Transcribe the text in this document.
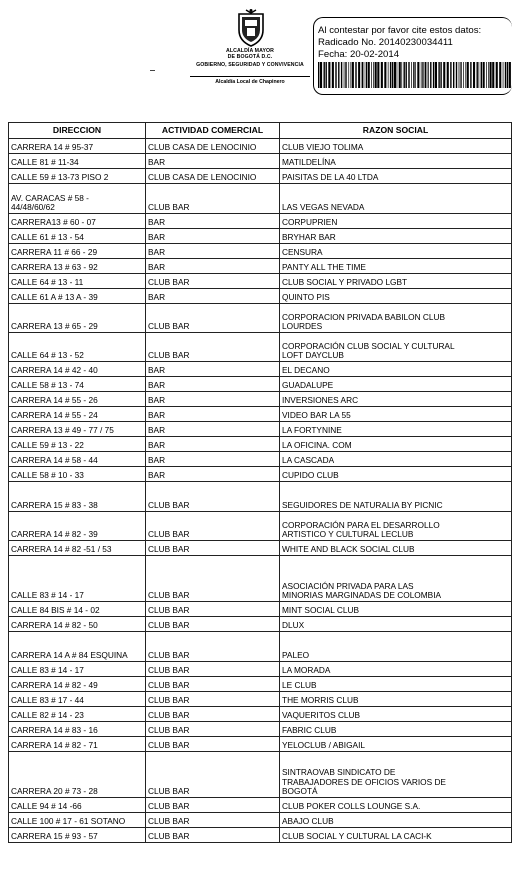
ALCALDÍA MAYOR
DE BOGOTÁ D.C.
GOBIERNO, SEGURIDAD Y CONVIVENCIA
Alcaldía Local de Chapinero
Al contestar por favor cite estos datos:
Radicado No. 20140230034411
Fecha: 20-02-2014
DIRECCION	ACTIVIDAD COMERCIAL	RAZON SOCIAL

CARRERA 14 # 95-37	CLUB CASA DE LENOCINIO	CLUB VIEJO TOLIMA

CALLE 81 # 11-34	BAR	MATILDELÍNA

CALLE 59 # 13-73 PISO 2	CLUB CASA DE LENOCINIO	PAISITAS DE LA 40 LTDA

AV. CARACAS # 58 -
44/48/60/62	CLUB BAR	LAS VEGAS NEVADA

CARRERA13 # 60 - 07	BAR	CORPUPRIEN

CALLE 61 # 13 - 54	BAR	BRYHAR BAR

CARRERA 11 # 66 - 29	BAR	CENSURA

CARRERA 13 # 63 - 92	BAR	PANTY ALL THE TIME

CALLE 64 # 13 - 11	CLUB BAR	CLUB SOCIAL Y PRIVADO LGBT

CALLE 61 A # 13 A - 39	BAR	QUINTO PIS

CARRERA 13 # 65 - 29	CLUB BAR	CORPORACION PRIVADA BABILON CLUB
LOURDES

CALLE 64 # 13 - 52	CLUB BAR	CORPORACIÓN CLUB SOCIAL Y CULTURAL
LOFT DAYCLUB

CARRERA 14 # 42 - 40	BAR	EL DECANO

CALLE 58 # 13 - 74	BAR	GUADALUPE

CARRERA 14 # 55 - 26	BAR	INVERSIONES ARC

CARRERA 14 # 55 - 24	BAR	VIDEO BAR LA 55

CARRERA 13 # 49 - 77 / 75	BAR	LA FORTYNINE

CALLE 59 # 13 - 22	BAR	LA OFICINA. COM

CARRERA 14 # 58 - 44	BAR	LA CASCADA

CALLE 58 # 10 - 33	BAR	CUPIDO CLUB

CARRERA 15 # 83 - 38	CLUB BAR	SEGUIDORES DE NATURALIA BY PICNIC

CARRERA 14 # 82 - 39	CLUB BAR	CORPORACIÓN PARA EL DESARROLLO
ARTISTICO Y CULTURAL LECLUB

CARRERA 14 # 82 -51 / 53	CLUB BAR	WHITE AND BLACK SOCIAL CLUB

CALLE 83 # 14 - 17	CLUB BAR	ASOCIACIÓN PRIVADA PARA LAS
MINORIAS MARGINADAS DE COLOMBIA

CALLE 84 BIS # 14 - 02	CLUB BAR	MINT SOCIAL CLUB

CARRERA 14 # 82 - 50	CLUB BAR	DLUX

CARRERA 14 A # 84 ESQUINA	CLUB BAR	PALEO

CALLE 83 # 14 - 17	CLUB BAR	LA MORADA

CARRERA 14 # 82 - 49	CLUB BAR	LE CLUB

CALLE 83 # 17 - 44	CLUB BAR	THE MORRIS CLUB

CALLE 82 # 14 - 23	CLUB BAR	VAQUERITOS CLUB

CARRERA 14 # 83 - 16	CLUB BAR	FABRIC CLUB

CARRERA 14 # 82 - 71	CLUB BAR	YELOCLUB / ABIGAIL

CARRERA 20 # 73 - 28	CLUB BAR	SINTRAOVAB SINDICATO DE
TRABAJADORES DE OFICIOS VARIOS DE
BOGOTÁ

CALLE 94 # 14 -66	CLUB BAR	CLUB POKER COLLS LOUNGE S.A.

CALLE 100 # 17 - 61 SOTANO	CLUB BAR	ABAJO CLUB

CARRERA 15 # 93 - 57	CLUB BAR	CLUB SOCIAL Y CULTURAL LA CACI-K
